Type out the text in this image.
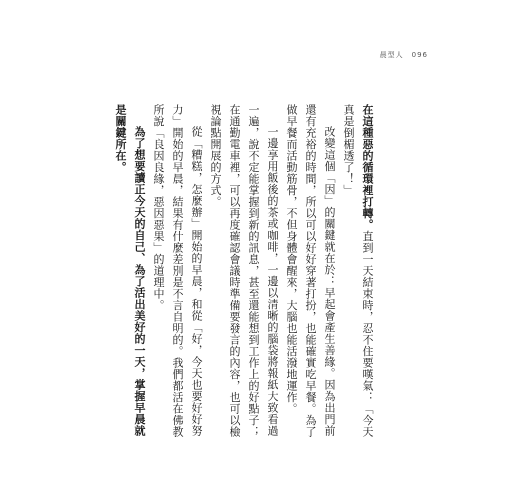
晨型人 096

在這種惡的循環裡打轉。直到一天結束時，忍不住要嘆氣：「今天真是倒楣透了！」

改變這個「因」的關鍵就在於：早起會產生善緣。因為出門前還有充裕的時間，所以可以好好穿著打扮，也能確實吃早餐。為了做早餐而活動筋骨，不但身體會醒來，大腦也能活潑地運作。

一邊享用飯後的茶或咖啡，一邊以清晰的腦袋將報紙大致看過一遍，說不定能掌握到新的訊息，甚至還能想到工作上的好點子；在通勤電車裡，可以再度確認會議時準備要發言的內容，也可以檢視論點開展的方式。

從「糟糕，怎麼辦」開始的早晨，和從「好，今天也要好好努力」開始的早晨，結果有什麼差別是不言自明的。我們都活在佛教所說「良因良緣，惡因惡果」的道理中。

為了想要讀正今天的自己、為了活出美好的一天，掌握早晨就是關鍵所在。
